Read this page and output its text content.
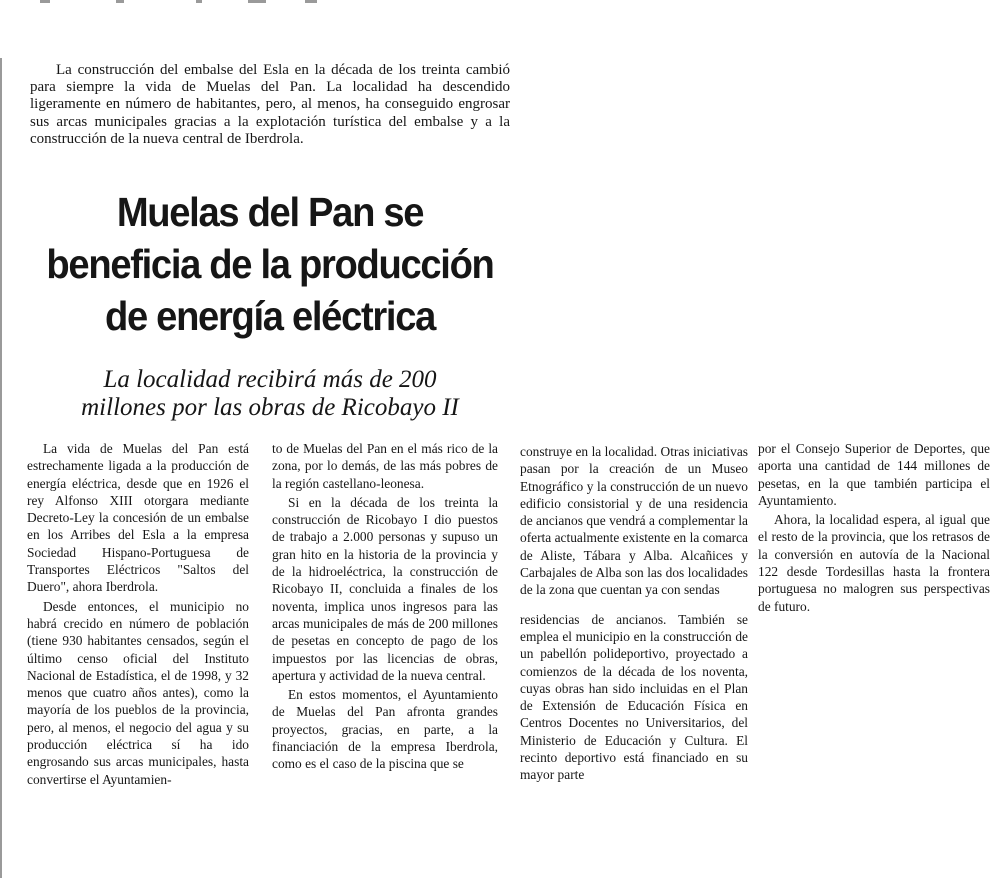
La construcción del embalse del Esla en la década de los treinta cambió para siempre la vida de Muelas del Pan. La localidad ha descendido ligeramente en número de habitantes, pero, al menos, ha conseguido engrosar sus arcas municipales gracias a la explotación turística del embalse y a la construcción de la nueva central de Iberdrola.
Muelas del Pan se
beneficia de la producción
de energía eléctrica
La localidad recibirá más de 200
millones por las obras de Ricobayo II

La vida de Muelas del Pan está estrechamente ligada a la producción de energía eléctrica, desde que en 1926 el rey Alfonso XIII otorgara mediante Decreto-Ley la concesión de un embalse en los Arribes del Esla a la empresa Sociedad Hispano-Portuguesa de Transportes Eléctricos "Saltos del Duero", ahora Iberdrola.

Desde entonces, el municipio no habrá crecido en número de población (tiene 930 habitantes censados, según el último censo oficial del Instituto Nacional de Estadística, el de 1998, y 32 menos que cuatro años antes), como la mayoría de los pueblos de la provincia, pero, al menos, el negocio del agua y su producción eléctrica sí ha ido engrosando sus arcas municipales, hasta convertirse el Ayuntamien-

to de Muelas del Pan en el más rico de la zona, por lo demás, de las más pobres de la región castellano-leonesa.

Si en la década de los treinta la construcción de Ricobayo I dio puestos de trabajo a 2.000 personas y supuso un gran hito en la historia de la provincia y de la hidroeléctrica, la construcción de Ricobayo II, concluida a finales de los noventa, implica unos ingresos para las arcas municipales de más de 200 millones de pesetas en concepto de pago de los impuestos por las licencias de obras, apertura y actividad de la nueva central.

En estos momentos, el Ayuntamiento de Muelas del Pan afronta grandes proyectos, gracias, en parte, a la financiación de la empresa Iberdrola, como es el caso de la piscina que se

construye en la localidad. Otras iniciativas pasan por la creación de un Museo Etnográfico y la construcción de un nuevo edificio consistorial y de una residencia de ancianos que vendrá a complementar la oferta actualmente existente en la comarca de Aliste, Tábara y Alba. Alcañices y Carbajales de Alba son las dos localidades de la zona que cuentan ya con sendas

residencias de ancianos. También se emplea el municipio en la construcción de un pabellón polideportivo, proyectado a comienzos de la década de los noventa, cuyas obras han sido incluidas en el Plan de Extensión de Educación Física en Centros Docentes no Universitarios, del Ministerio de Educación y Cultura. El recinto deportivo está financiado en su mayor parte

por el Consejo Superior de Deportes, que aporta una cantidad de 144 millones de pesetas, en la que también participa el Ayuntamiento.

Ahora, la localidad espera, al igual que el resto de la provincia, que los retrasos de la conversión en autovía de la Nacional 122 desde Tordesillas hasta la frontera portuguesa no malogren sus perspectivas de futuro.
